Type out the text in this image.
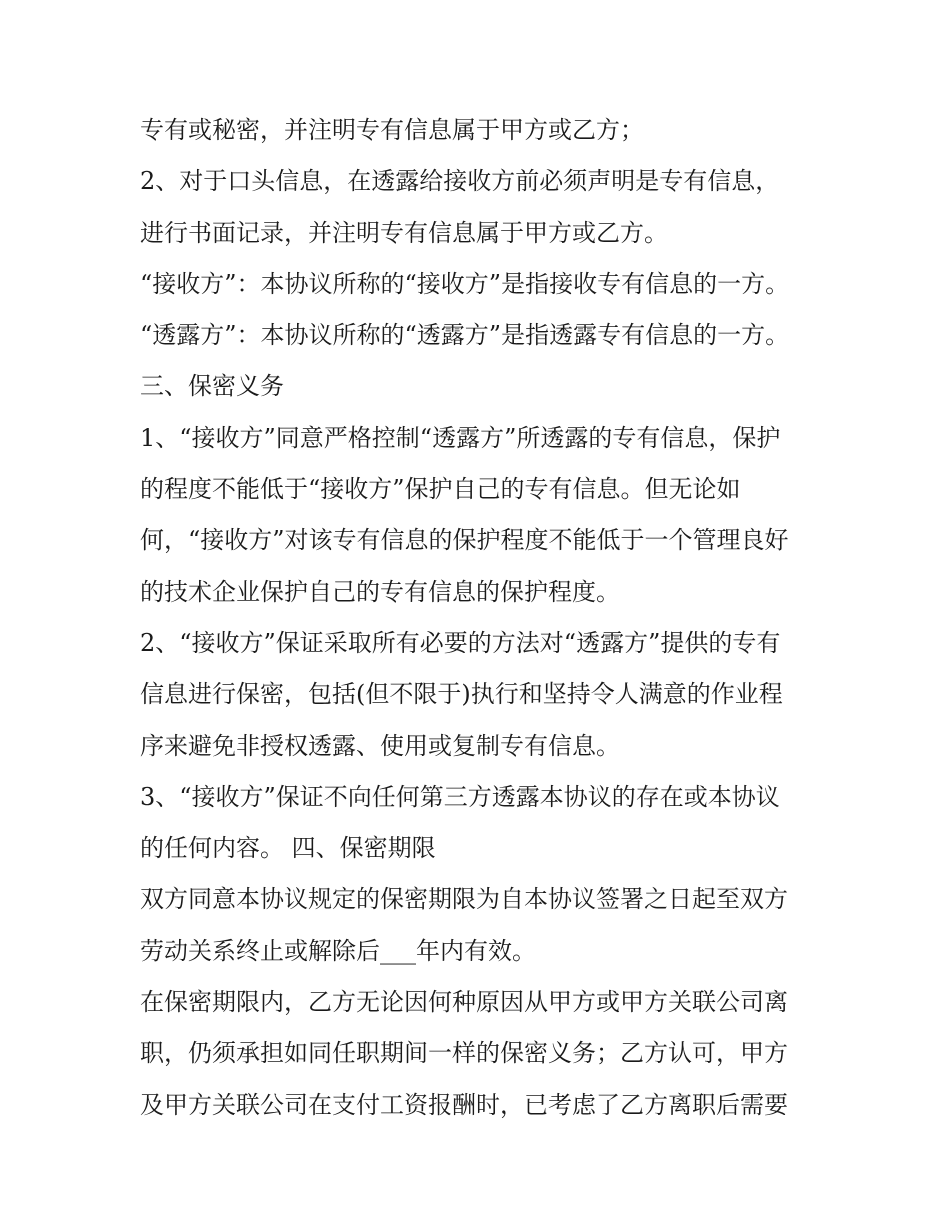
专有或秘密，并注明专有信息属于甲方或乙方；
2、对于口头信息，在透露给接收方前必须声明是专有信息，
进行书面记录，并注明专有信息属于甲方或乙方。
“接收方”：本协议所称的“接收方”是指接收专有信息的一方。
“透露方”：本协议所称的“透露方”是指透露专有信息的一方。
三、保密义务
1、“接收方”同意严格控制“透露方”所透露的专有信息，保护
的程度不能低于“接收方”保护自己的专有信息。但无论如
何，“接收方”对该专有信息的保护程度不能低于一个管理良好
的技术企业保护自己的专有信息的保护程度。
2、“接收方”保证采取所有必要的方法对“透露方”提供的专有
信息进行保密，包括(但不限于)执行和坚持令人满意的作业程
序来避免非授权透露、使用或复制专有信息。
3、“接收方”保证不向任何第三方透露本协议的存在或本协议
的任何内容。 四、保密期限
双方同意本协议规定的保密期限为自本协议签署之日起至双方
劳动关系终止或解除后___年内有效。
在保密期限内，乙方无论因何种原因从甲方或甲方关联公司离
职，仍须承担如同任职期间一样的保密义务；乙方认可，甲方
及甲方关联公司在支付工资报酬时，已考虑了乙方离职后需要
